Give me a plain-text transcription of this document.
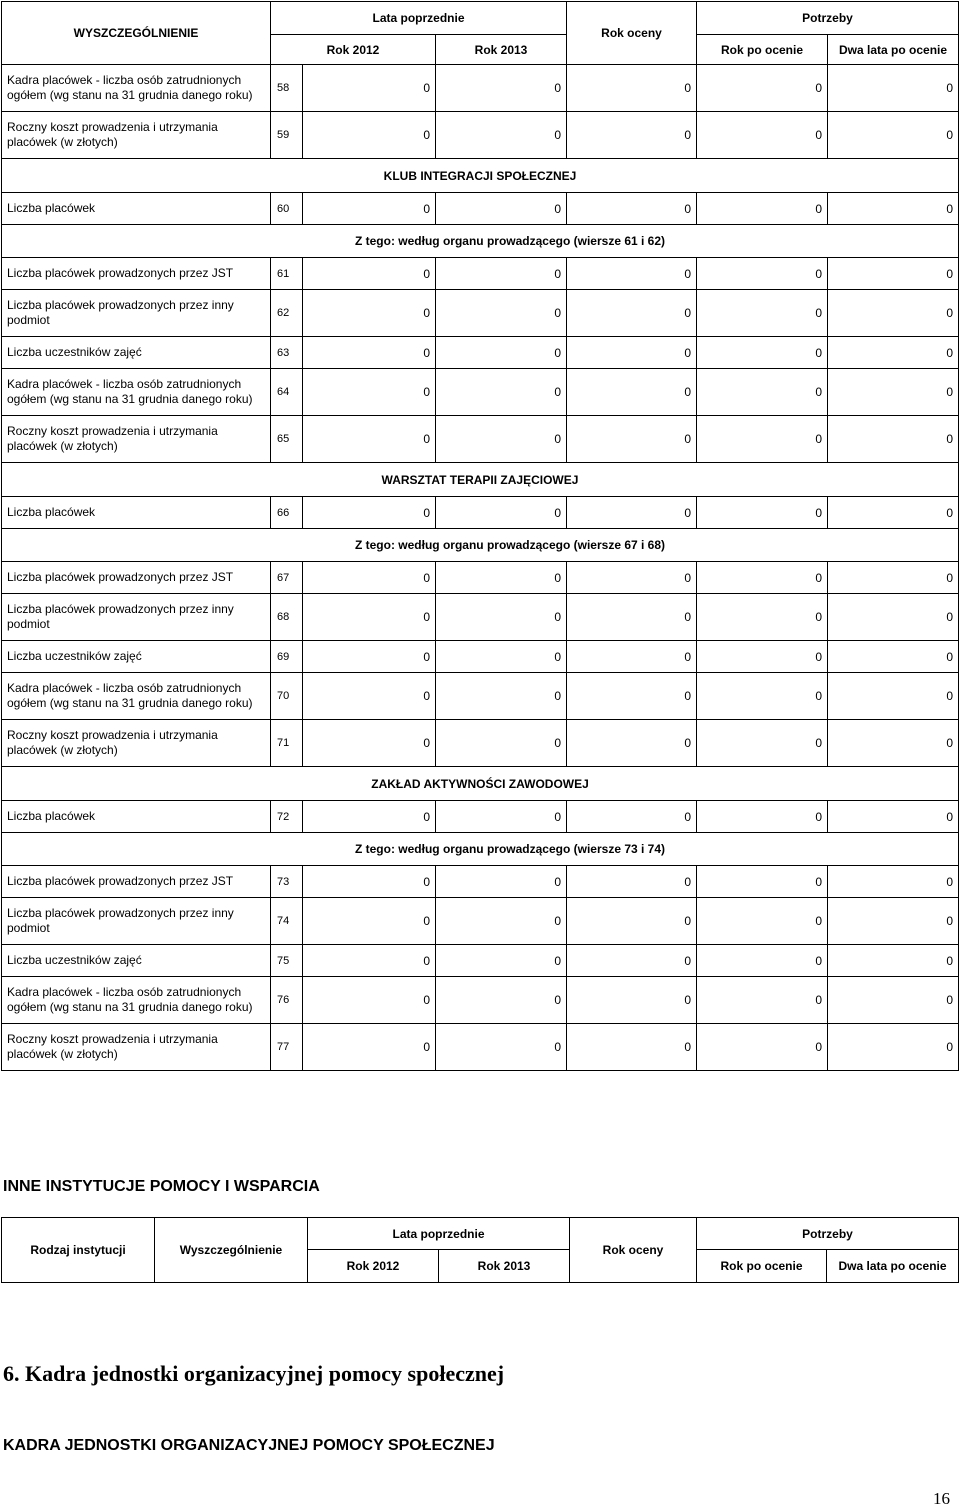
WYSZCZEGÓLNIENIE	Lata poprzednie			Rok oceny	Potrzeby	
	Rok 2012		Rok 2013		Rok po ocenie	Dwa lata po ocenie
Kadra placówek - liczba osób zatrudnionych ogółem (wg stanu na 31 grudnia danego roku)	58	0	0	0	0	0
Roczny koszt prowadzenia i utrzymania placówek (w złotych)	59	0	0	0	0	0
KLUB INTEGRACJI SPOŁECZNEJ						
Liczba placówek	60	0	0	0	0	0
Z tego: według organu prowadzącego (wiersze 61 i 62)						
Liczba placówek prowadzonych przez JST	61	0	0	0	0	0
Liczba placówek prowadzonych przez inny podmiot	62	0	0	0	0	0
Liczba uczestników zajęć	63	0	0	0	0	0
Kadra placówek - liczba osób zatrudnionych ogółem (wg stanu na 31 grudnia danego roku)	64	0	0	0	0	0
Roczny koszt prowadzenia i utrzymania placówek (w złotych)	65	0	0	0	0	0
WARSZTAT TERAPII ZAJĘCIOWEJ						
Liczba placówek	66	0	0	0	0	0
Z tego: według organu prowadzącego (wiersze 67 i 68)						
Liczba placówek prowadzonych przez JST	67	0	0	0	0	0
Liczba placówek prowadzonych przez inny podmiot	68	0	0	0	0	0
Liczba uczestników zajęć	69	0	0	0	0	0
Kadra placówek - liczba osób zatrudnionych ogółem (wg stanu na 31 grudnia danego roku)	70	0	0	0	0	0
Roczny koszt prowadzenia i utrzymania placówek (w złotych)	71	0	0	0	0	0
ZAKŁAD AKTYWNOŚCI ZAWODOWEJ						
Liczba placówek	72	0	0	0	0	0
Z tego: według organu prowadzącego (wiersze 73 i 74)						
Liczba placówek prowadzonych przez JST	73	0	0	0	0	0
Liczba placówek prowadzonych przez inny podmiot	74	0	0	0	0	0
Liczba uczestników zajęć	75	0	0	0	0	0
Kadra placówek - liczba osób zatrudnionych ogółem (wg stanu na 31 grudnia danego roku)	76	0	0	0	0	0
Roczny koszt prowadzenia i utrzymania placówek (w złotych)	77	0	0	0	0	0
INNE INSTYTUCJE POMOCY I WSPARCIA
Rodzaj instytucji	Wyszczególnienie	Lata poprzednie		Rok oceny	Potrzeby	
		Rok 2012	Rok 2013		Rok po ocenie	Dwa lata po ocenie
6. Kadra jednostki organizacyjnej pomocy społecznej
KADRA JEDNOSTKI ORGANIZACYJNEJ POMOCY SPOŁECZNEJ
16
